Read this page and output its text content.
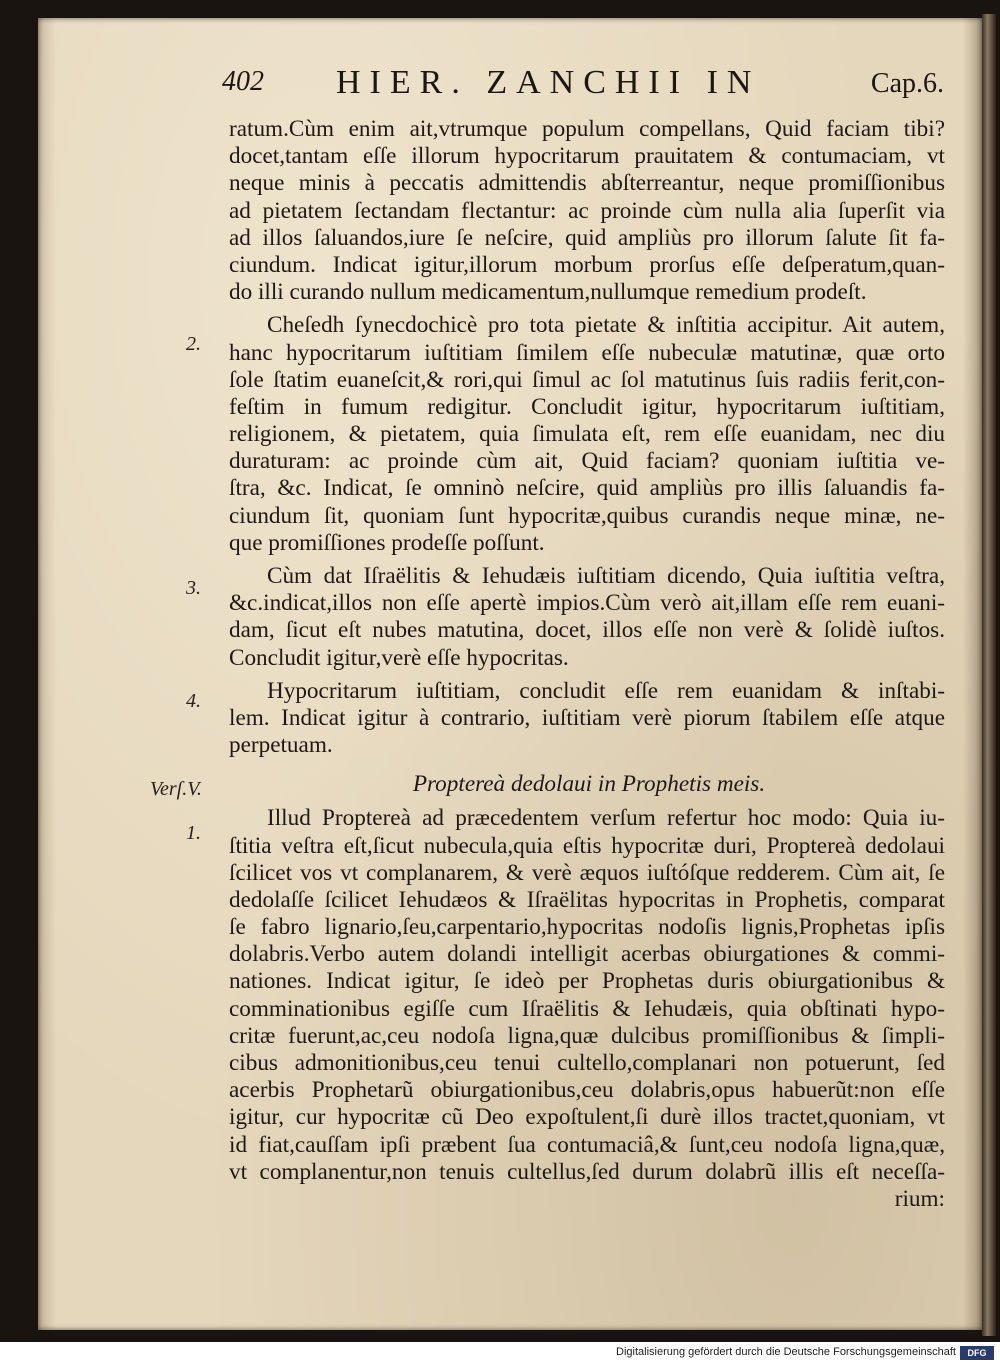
402 HIER. ZANCHII IN	Cap.6.
2.
3.
4.
Verſ.V.
1.
ratum.Cùm enim ait,vtrumque populum compellans, Quid faciam tibi?
docet,tantam eſſe illorum hypocritarum prauitatem & contumaciam, vt
neque minis à peccatis admittendis abſterreantur, neque promiſſionibus
ad pietatem ſectandam flectantur: ac proinde cùm nulla alia ſuperſit via
ad illos ſaluandos,iure ſe neſcire, quid ampliùs pro illorum ſalute ſit fa-
ciundum. Indicat igitur,illorum morbum prorſus eſſe deſperatum,quan-
do illi curando nullum medicamentum,nullumque remedium prodeſt.
Cheſedh ſynecdochicè pro tota pietate & inſtitia accipitur. Ait autem,
hanc hypocritarum iuſtitiam ſimilem eſſe nubeculæ matutinæ, quæ orto
ſole ſtatim euaneſcit,& rori,qui ſimul ac ſol matutinus ſuis radiis ferit,con-
feſtim in fumum redigitur. Concludit igitur, hypocritarum iuſtitiam,
religionem, & pietatem, quia ſimulata eſt, rem eſſe euanidam, nec diu
duraturam: ac proinde cùm ait, Quid faciam? quoniam iuſtitia ve-
ſtra, &c. Indicat, ſe omninò neſcire, quid ampliùs pro illis ſaluandis fa-
ciundum ſit, quoniam ſunt hypocritæ,quibus curandis neque minæ, ne-
que promiſſiones prodeſſe poſſunt.
Cùm dat Iſraëlitis & Iehudæis iuſtitiam dicendo, Quia iuſtitia veſtra,
&c.indicat,illos non eſſe apertè impios.Cùm verò ait,illam eſſe rem euani-
dam, ſicut eſt nubes matutina, docet, illos eſſe non verè & ſolidè iuſtos.
Concludit igitur,verè eſſe hypocritas.
Hypocritarum iuſtitiam, concludit eſſe rem euanidam & inſtabi-
lem. Indicat igitur à contrario, iuſtitiam verè piorum ſtabilem eſſe atque
perpetuam.
Proptereà dedolaui in Prophetis meis.
Illud Proptereà ad præcedentem verſum refertur hoc modo: Quia iu-
ſtitia veſtra eſt,ſicut nubecula,quia eſtis hypocritæ duri, Proptereà dedolaui
ſcilicet vos vt complanarem, & verè æquos iuſtóſque redderem. Cùm ait, ſe
dedolaſſe ſcilicet Iehudæos & Iſraëlitas hypocritas in Prophetis, comparat
ſe fabro lignario,ſeu,carpentario,hypocritas nodoſis lignis,Prophetas ipſis
dolabris.Verbo autem dolandi intelligit acerbas obiurgationes & commi-
nationes. Indicat igitur, ſe ideò per Prophetas duris obiurgationibus &
comminationibus egiſſe cum Iſraëlitis & Iehudæis, quia obſtinati hypo-
critæ fuerunt,ac,ceu nodoſa ligna,quæ dulcibus promiſſionibus & ſimpli-
cibus admonitionibus,ceu tenui cultello,complanari non potuerunt, ſed
acerbis Prophetarũ obiurgationibus,ceu dolabris,opus habuerũt:non eſſe
igitur, cur hypocritæ cũ Deo expoſtulent,ſi durè illos tractet,quoniam, vt
id fiat,cauſſam ipſi præbent ſua contumaciâ,& ſunt,ceu nodoſa ligna,quæ,
vt complanentur,non tenuis cultellus,ſed durum dolabrũ illis eſt neceſſa-
rium:
Digitalisierung gefördert durch die Deutsche Forschungsgemeinschaft	DFG
